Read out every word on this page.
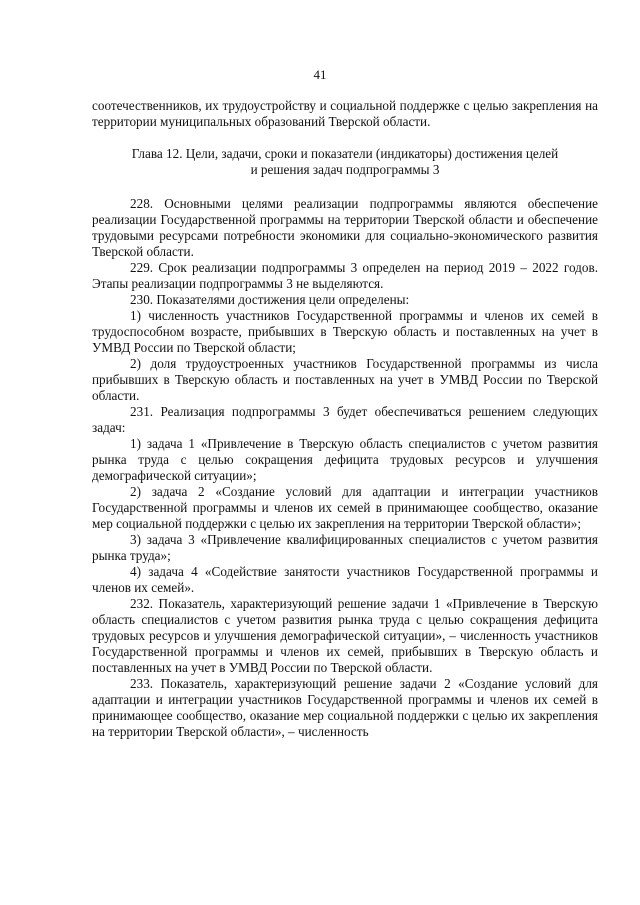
41

соотечественников, их трудоустройству и социальной поддержке с целью закрепления на территории муниципальных образований Тверской области.

Глава 12. Цели, задачи, сроки и показатели (индикаторы) достижения целей
и решения задач подпрограммы 3

228. Основными целями реализации подпрограммы являются обеспечение реализации Государственной программы на территории Тверской области и обеспечение трудовыми ресурсами потребности экономики для социально-экономического развития Тверской области.

229. Срок реализации подпрограммы 3 определен на период 2019 – 2022 годов. Этапы реализации подпрограммы 3 не выделяются.

230. Показателями достижения цели определены:

1) численность участников Государственной программы и членов их семей в трудоспособном возрасте, прибывших в Тверскую область и поставленных на учет в УМВД России по Тверской области;

2) доля трудоустроенных участников Государственной программы из числа прибывших в Тверскую область и поставленных на учет в УМВД России по Тверской области.

231. Реализация подпрограммы 3 будет обеспечиваться решением следующих задач:

1) задача 1 «Привлечение в Тверскую область специалистов с учетом развития рынка труда с целью сокращения дефицита трудовых ресурсов и улучшения демографической ситуации»;

2) задача 2 «Создание условий для адаптации и интеграции участников Государственной программы и членов их семей в принимающее сообщество, оказание мер социальной поддержки с целью их закрепления на территории Тверской области»;

3) задача 3 «Привлечение квалифицированных специалистов с учетом развития рынка труда»;

4) задача 4 «Содействие занятости участников Государственной программы и членов их семей».

232. Показатель, характеризующий решение задачи 1 «Привлечение в Тверскую область специалистов с учетом развития рынка труда с целью сокращения дефицита трудовых ресурсов и улучшения демографической ситуации», – численность участников Государственной программы и членов их семей, прибывших в Тверскую область и поставленных на учет в УМВД России по Тверской области.

233. Показатель, характеризующий решение задачи 2 «Создание условий для адаптации и интеграции участников Государственной программы и членов их семей в принимающее сообщество, оказание мер социальной поддержки с целью их закрепления на территории Тверской области», – численность
